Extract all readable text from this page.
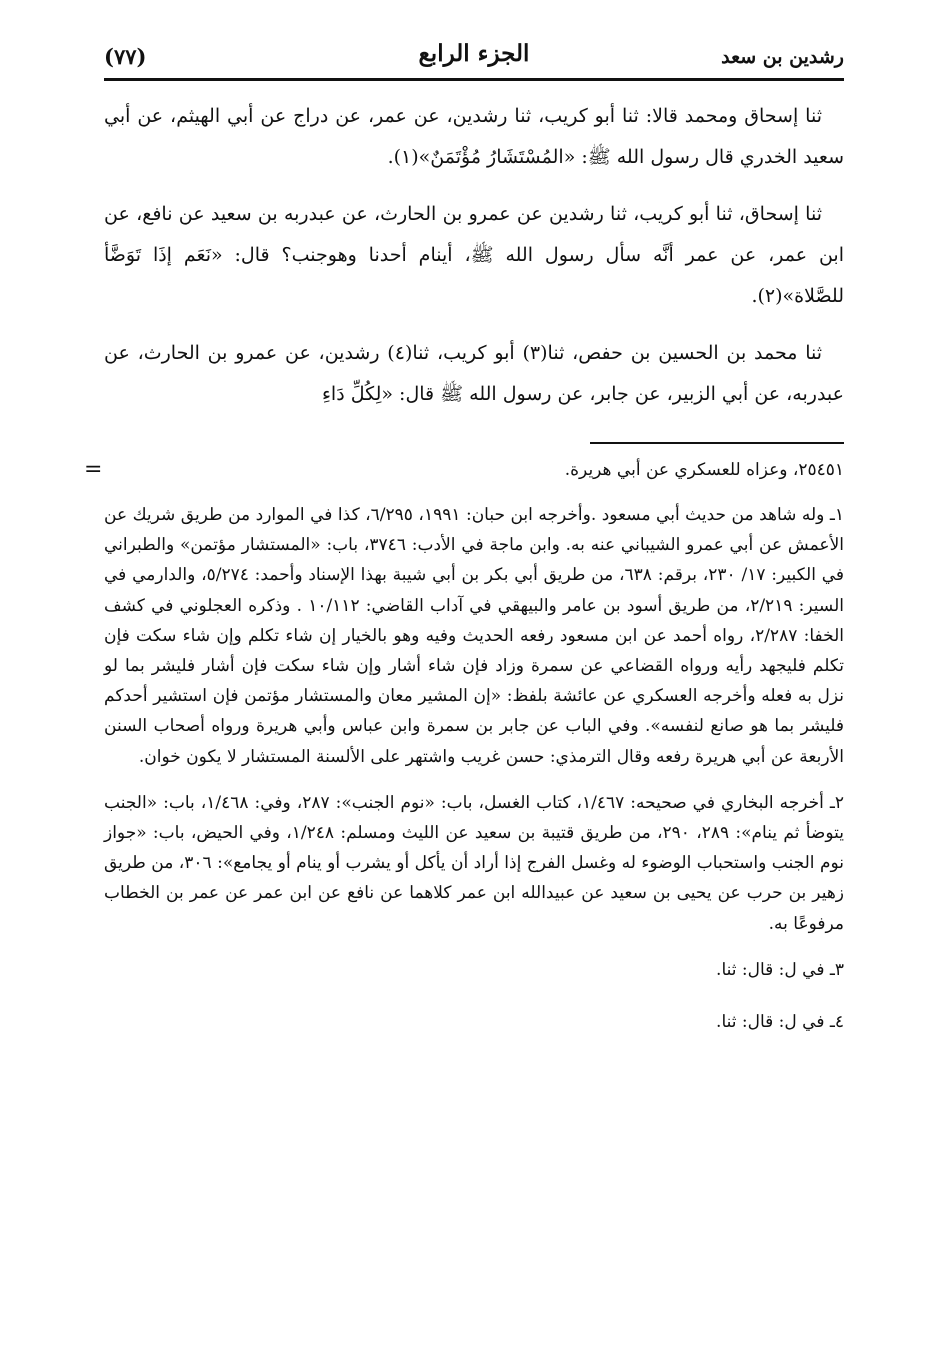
رشدين بن سعد
الجزء الرابع
(٧٧)

ثنا إسحاق ومحمد قالا: ثنا أبو كريب، ثنا رشدين، عن عمر، عن دراج عن أبي الهيثم، عن أبي سعيد الخدري قال رسول الله ﷺ: «المُسْتَشَارُ مُؤْتَمَنٌ»(١).

ثنا إسحاق، ثنا أبو كريب، ثنا رشدين عن عمرو بن الحارث، عن عبدربه بن سعيد عن نافع، عن ابن عمر، عن عمر أنَّه سأل رسول الله ﷺ، أينام أحدنا وهوجنب؟ قال: «نَعَم إذَا تَوَضَّأ للصَّلاة»(٢).

ثنا محمد بن الحسين بن حفص، ثنا(٣) أبو كريب، ثنا(٤) رشدين، عن عمرو بن الحارث، عن عبدربه، عن أبي الزبير، عن جابر، عن رسول الله ﷺ قال: «لِكُلِّ دَاءِ

=	٢٥٤٥١، وعزاه للعسكري عن أبي هريرة.
١ـ وله شاهد من حديث أبي مسعود .وأخرجه ابن حبان: ١٩٩١، ٦/٢٩٥، كذا في الموارد من طريق شريك عن الأعمش عن أبي عمرو الشيباني عنه به. وابن ماجة في الأدب: ٣٧٤٦، باب: «المستشار مؤتمن» والطبراني في الكبير: ١٧/ ٢٣٠، برقم: ٦٣٨، من طريق أبي بكر بن أبي شيبة بهذا الإسناد وأحمد: ٥/٢٧٤، والدارمي في السير: ٢/٢١٩، من طريق أسود بن عامر والبيهقي في آداب القاضي: ١٠/١١٢ . وذكره العجلوني في كشف الخفا: ٢/٢٨٧، رواه أحمد عن ابن مسعود رفعه الحديث وفيه وهو بالخيار إن شاء تكلم وإن شاء سكت فإن تكلم فليجهد رأيه ورواه القضاعي عن سمرة وزاد فإن شاء أشار وإن شاء سكت فإن أشار فليشر بما لو نزل به فعله وأخرجه العسكري عن عائشة بلفظ: «إن المشير معان والمستشار مؤتمن فإن استشير أحدكم فليشر بما هو صانع لنفسه». وفي الباب عن جابر بن سمرة وابن عباس وأبي هريرة ورواه أصحاب السنن الأربعة عن أبي هريرة رفعه وقال الترمذي: حسن غريب واشتهر على الألسنة المستشار لا يكون خوان.
٢ـ أخرجه البخاري في صحيحه: ١/٤٦٧، كتاب الغسل، باب: «نوم الجنب»: ٢٨٧، وفي: ١/٤٦٨، باب: «الجنب يتوضأ ثم ينام»: ٢٨٩، ٢٩٠، من طريق قتيبة بن سعيد عن الليث ومسلم: ١/٢٤٨، وفي الحيض، باب: «جواز نوم الجنب واستحباب الوضوء له وغسل الفرج إذا أراد أن يأكل أو يشرب أو ينام أو يجامع»: ٣٠٦، من طريق زهير بن حرب عن يحيى بن سعيد عن عبيدالله ابن عمر كلاهما عن نافع عن ابن عمر عن عمر بن الخطاب مرفوعًا به.
٣ـ في ل: قال: ثنا.
٤ـ في ل: قال: ثنا.
